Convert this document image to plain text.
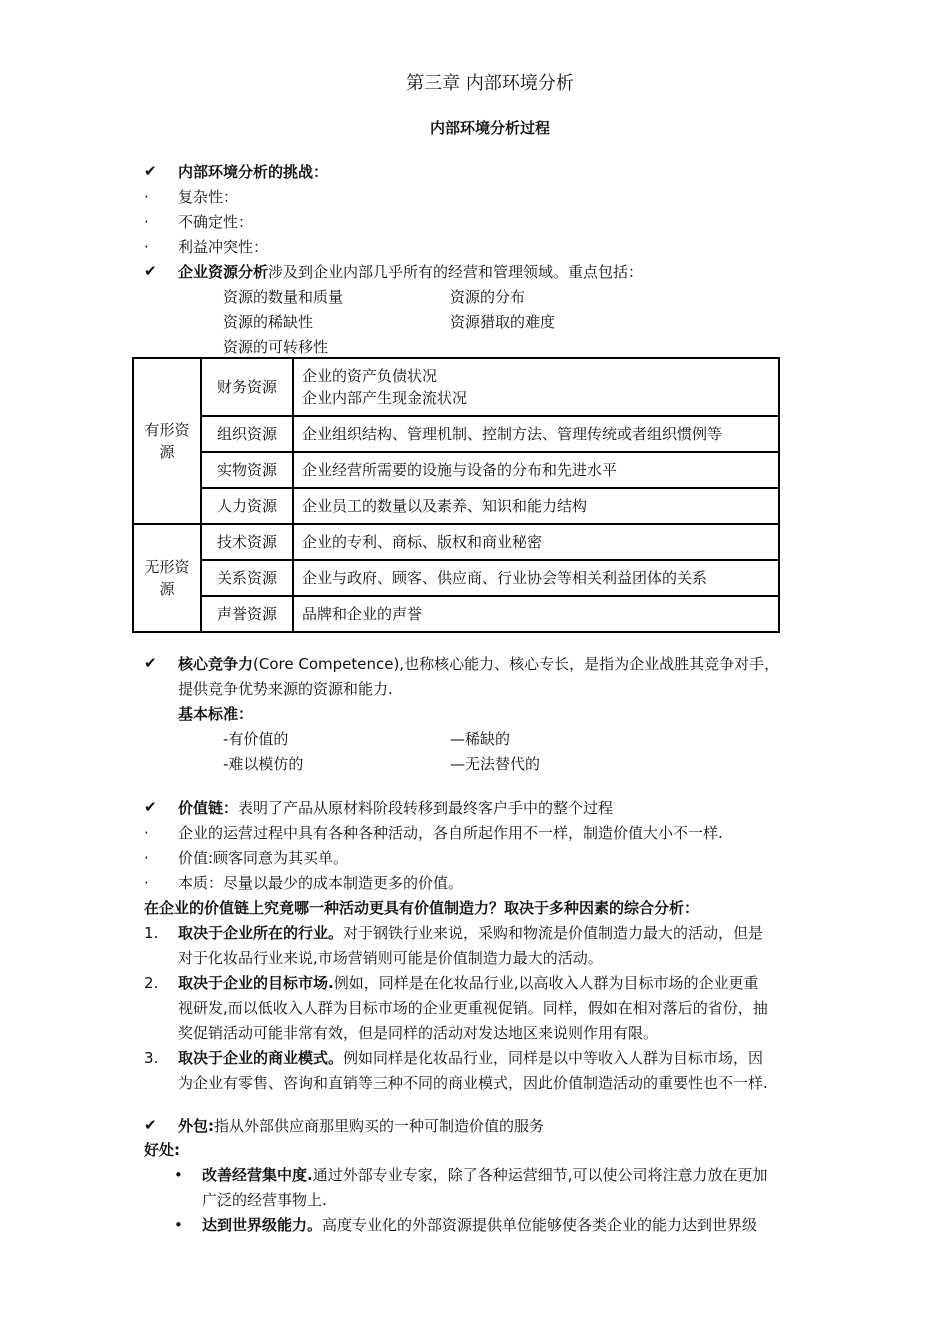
第三章 内部环境分析
内部环境分析过程
✔	内部环境分析的挑战：
·	复杂性：
·	不确定性：
·	利益冲突性：
✔	企业资源分析涉及到企业内部几乎所有的经营和管理领域。重点包括：
资源的数量和质量	资源的分布
资源的稀缺性	资源猎取的难度
资源的可转移性
有形资源	财务资源	企业的资产负债状况
企业内部产生现金流状况

	组织资源	企业组织结构、管理机制、控制方法、管理传统或者组织惯例等
	实物资源	企业经营所需要的设施与设备的分布和先进水平
	人力资源	企业员工的数量以及素养、知识和能力结构
无形资源	技术资源	企业的专利、商标、版权和商业秘密
	关系资源	企业与政府、顾客、供应商、行业协会等相关利益团体的关系
	声誉资源	品牌和企业的声誉
✔	核心竞争力(Core Competence),也称核心能力、核心专长，是指为企业战胜其竞争对手，
提供竞争优势来源的资源和能力.
基本标准：
-有价值的	—稀缺的
-难以模仿的	—无法替代的
✔	价值链：表明了产品从原材料阶段转移到最终客户手中的整个过程
·	企业的运营过程中具有各种各种活动，各自所起作用不一样，制造价值大小不一样.
·	价值:顾客同意为其买单。
·	本质：尽量以最少的成本制造更多的价值。
在企业的价值链上究竟哪一种活动更具有价值制造力？取决于多种因素的综合分析：
1.	取决于企业所在的行业。对于钢铁行业来说，采购和物流是价值制造力最大的活动，但是
对于化妆品行业来说,市场营销则可能是价值制造力最大的活动。
2.	取决于企业的目标市场.例如，同样是在化妆品行业,以高收入人群为目标市场的企业更重
视研发,而以低收入人群为目标市场的企业更重视促销。同样，假如在相对落后的省份，抽
奖促销活动可能非常有效，但是同样的活动对发达地区来说则作用有限。
3.	取决于企业的商业模式。例如同样是化妆品行业，同样是以中等收入人群为目标市场，因
为企业有零售、咨询和直销等三种不同的商业模式，因此价值制造活动的重要性也不一样.
✔	外包:指从外部供应商那里购买的一种可制造价值的服务
好处:
• 改善经营集中度.通过外部专业专家，除了各种运营细节,可以使公司将注意力放在更加
广泛的经营事物上.
• 达到世界级能力。高度专业化的外部资源提供单位能够使各类企业的能力达到世界级
